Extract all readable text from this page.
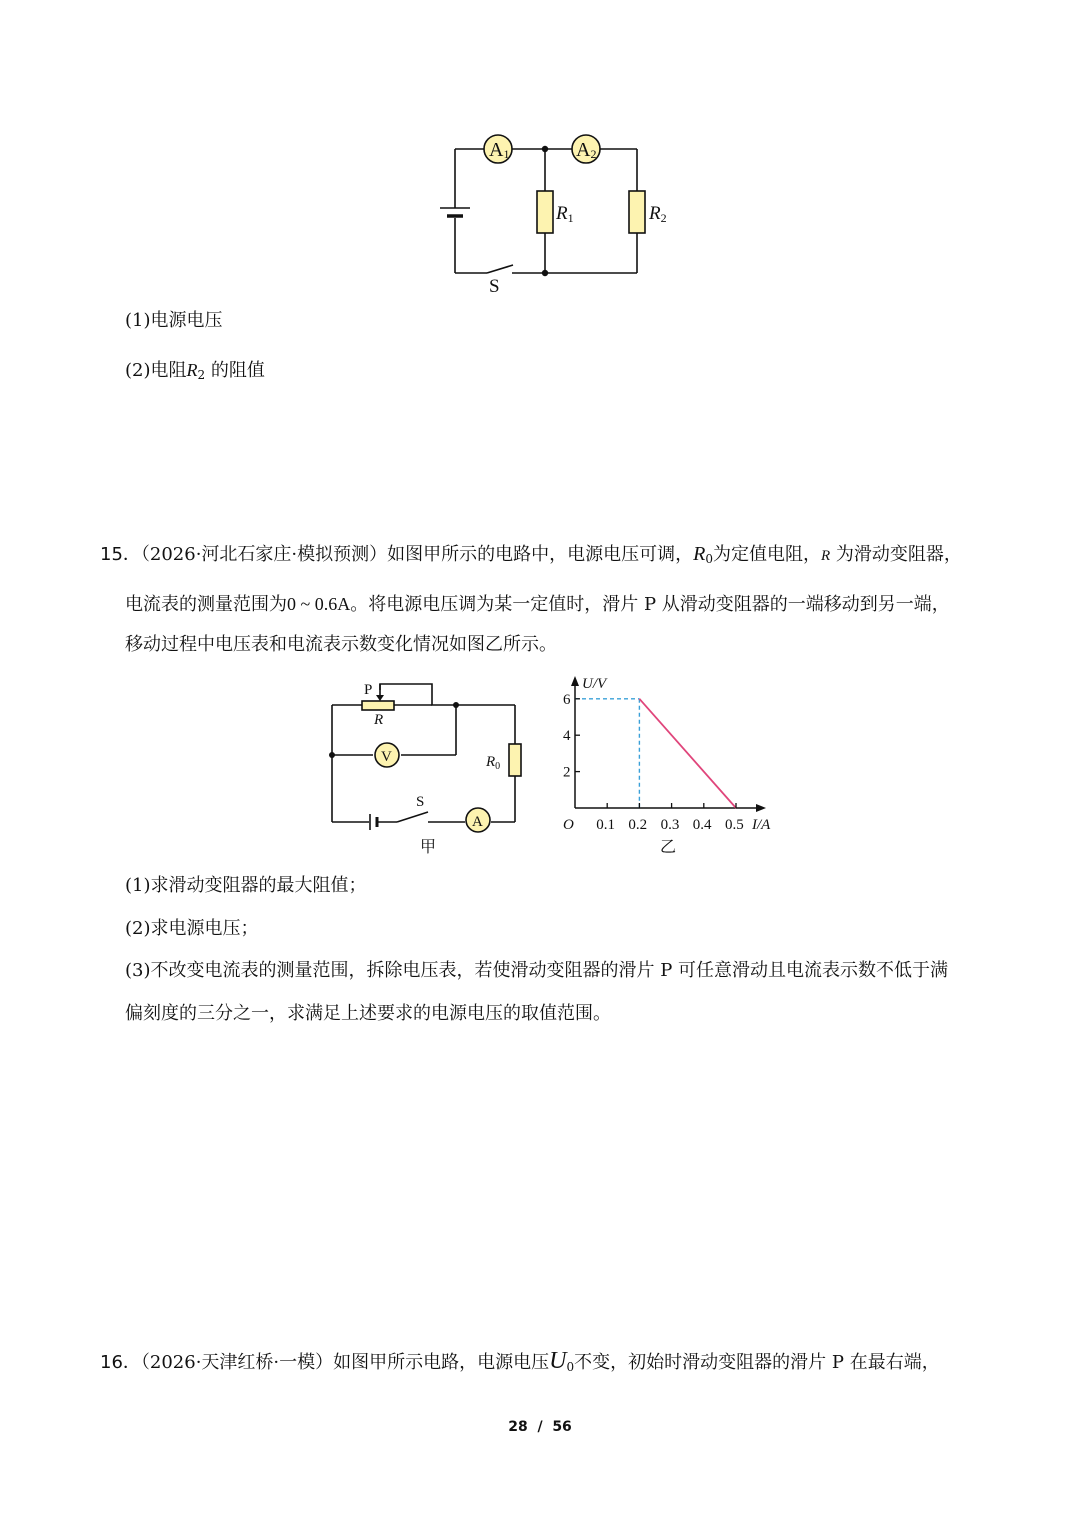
A1	A2
R1	R2
S
(1)电源电压
(2)电阻$R_2$ 的阻值
15．（2026·河北石家庄·模拟预测）如图甲所示的电路中，电源电压可调，$R_0$为定值电阻，R 为滑动变阻器，
电流表的测量范围为0 ~ 0.6A。将电源电压调为某一定值时，滑片 P 从滑动变阻器的一端移动到另一端，
移动过程中电压表和电流表示数变化情况如图乙所示。
P
R
V	$R_0$
S
A
甲
2
4
6
0.1 0.2 0.3 0.4 0.5
O
U/V
I/A
乙
(1)求滑动变阻器的最大阻值；
(2)求电源电压；
(3)不改变电流表的测量范围，拆除电压表，若使滑动变阻器的滑片 P 可任意滑动且电流表示数不低于满
偏刻度的三分之一，求满足上述要求的电源电压的取值范围。
16．（2026·天津红桥·一模）如图甲所示电路，电源电压$U_0$不变，初始时滑动变阻器的滑片 P 在最右端，
28 / 56
